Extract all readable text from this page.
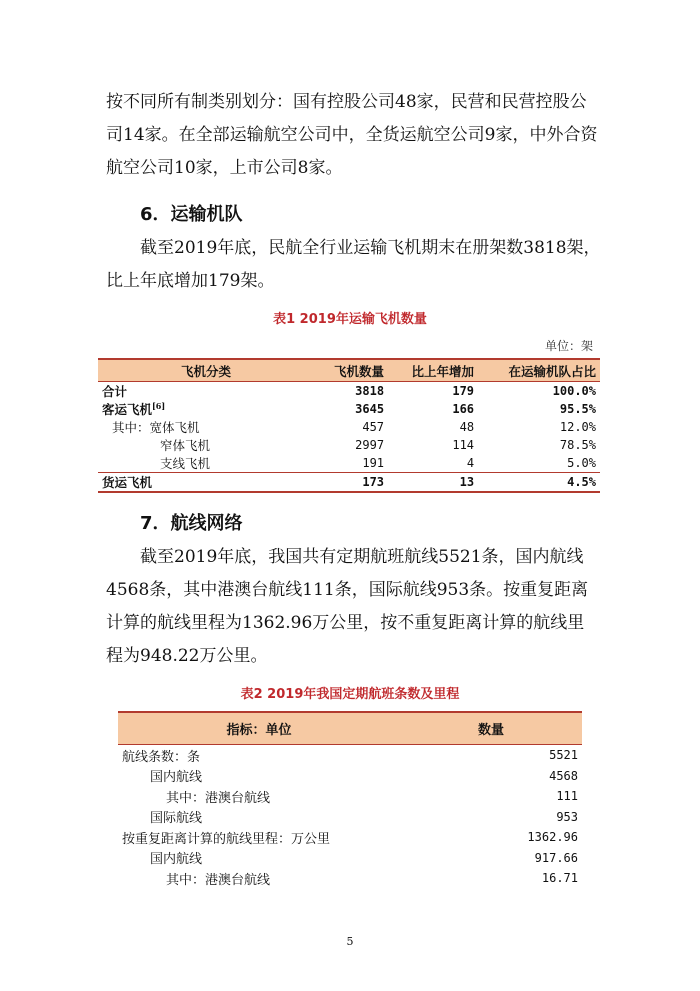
按不同所有制类别划分：国有控股公司48家，民营和民营控股公司14家。在全部运输航空公司中，全货运航空公司9家，中外合资航空公司10家，上市公司8家。
6．运输机队
截至2019年底，民航全行业运输飞机期末在册架数3818架，比上年底增加179架。
表1 2019年运输飞机数量
单位：架
飞机分类	飞机数量	比上年增加	在运输机队占比
合计	3818	179	100.0%
客运飞机[6]	3645	166	95.5%
其中：宽体飞机	457	48	12.0%
窄体飞机	2997	114	78.5%
支线飞机	191	4	5.0%
货运飞机	173	13	4.5%
7．航线网络
截至2019年底，我国共有定期航班航线5521条，国内航线4568条，其中港澳台航线111条，国际航线953条。按重复距离计算的航线里程为1362.96万公里，按不重复距离计算的航线里程为948.22万公里。
表2 2019年我国定期航班条数及里程
指标：单位	数量
航线条数：条	5521
国内航线	4568
其中：港澳台航线	111
国际航线	953
按重复距离计算的航线里程：万公里	1362.96
国内航线	917.66
其中：港澳台航线	16.71
5
